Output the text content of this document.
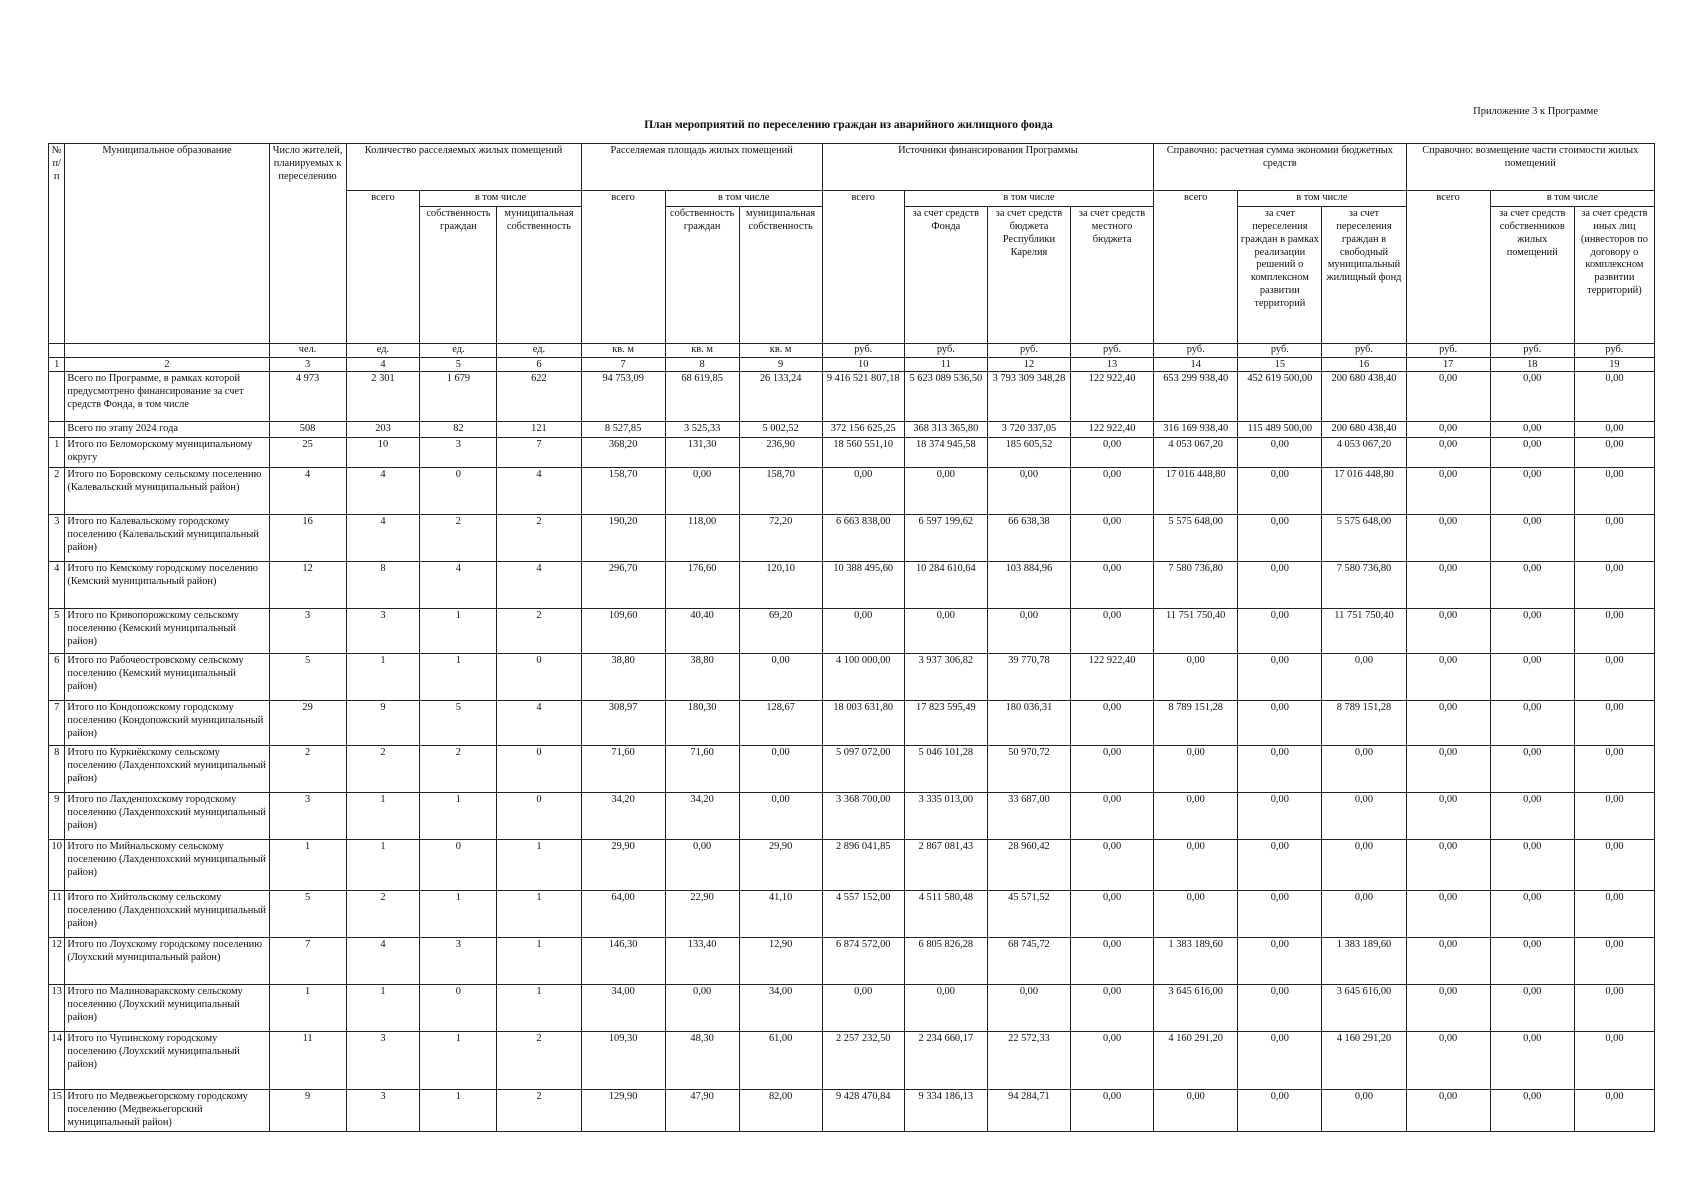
Приложение 3 к Программе
План мероприятий по переселению граждан из аварийного жилищного фонда
№ п/ п	Муниципальное образование	Число жителей, планируемых к переселению	Количество расселяемых жилых помещений			Расселяемая площадь жилых помещений			Источники финансирования Программы				Справочно: расчетная сумма экономии бюджетных средств			Справочно: возмещение части стоимости жилых помещений		
			всего	в том числе		всего	в том числе		всего	в том числе			всего	в том числе		всего	в том числе	
				собственность граждан	муниципальная собственность		собственность граждан	муниципальная собственность		за счет средств Фонда	за счет средств бюджета Республики Карелия	за счет средств местного бюджета		за счет переселения граждан в рамках реализации решений о комплексном развитии территорий	за счет переселения граждан в свободный муниципальный жилищный фонд		за счет средств собственников жилых помещений	за счет средств иных лиц (инвесторов по договору о комплексном развитии территорий)
		чел.	ед.	ед.	ед.	кв. м	кв. м	кв. м	руб.	руб.	руб.	руб.	руб.	руб.	руб.	руб.	руб.	руб.
1	2	3	4	5	6	7	8	9	10	11	12	13	14	15	16	17	18	19
	Всего по Программе, в рамках которой предусмотрено финансирование за счет средств Фонда, в том числе	4 973	2 301	1 679	622	94 753,09	68 619,85	26 133,24	9 416 521 807,18	5 623 089 536,50	3 793 309 348,28	122 922,40	653 299 938,40	452 619 500,00	200 680 438,40	0,00	0,00	0,00
	Всего по этапу 2024 года	508	203	82	121	8 527,85	3 525,33	5 002,52	372 156 625,25	368 313 365,80	3 720 337,05	122 922,40	316 169 938,40	115 489 500,00	200 680 438,40	0,00	0,00	0,00
1	Итого по Беломорскому муниципальному округу	25	10	3	7	368,20	131,30	236,90	18 560 551,10	18 374 945,58	185 605,52	0,00	4 053 067,20	0,00	4 053 067,20	0,00	0,00	0,00
2	Итого по Боровскому сельскому поселению (Калевальский муниципальный район)	4	4	0	4	158,70	0,00	158,70	0,00	0,00	0,00	0,00	17 016 448,80	0,00	17 016 448,80	0,00	0,00	0,00
3	Итого по Калевальскому городскому поселению (Калевальский муниципальный район)	16	4	2	2	190,20	118,00	72,20	6 663 838,00	6 597 199,62	66 638,38	0,00	5 575 648,00	0,00	5 575 648,00	0,00	0,00	0,00
4	Итого по Кемскому городскому поселению (Кемский муниципальный район)	12	8	4	4	296,70	176,60	120,10	10 388 495,60	10 284 610,64	103 884,96	0,00	7 580 736,80	0,00	7 580 736,80	0,00	0,00	0,00
5	Итого по Кривопорожскому сельскому поселению (Кемский муниципальный район)	3	3	1	2	109,60	40,40	69,20	0,00	0,00	0,00	0,00	11 751 750,40	0,00	11 751 750,40	0,00	0,00	0,00
6	Итого по Рабочеостровскому сельскому поселению (Кемский муниципальный район)	5	1	1	0	38,80	38,80	0,00	4 100 000,00	3 937 306,82	39 770,78	122 922,40	0,00	0,00	0,00	0,00	0,00	0,00
7	Итого по Кондопожскому городскому поселению (Кондопожский муниципальный район)	29	9	5	4	308,97	180,30	128,67	18 003 631,80	17 823 595,49	180 036,31	0,00	8 789 151,28	0,00	8 789 151,28	0,00	0,00	0,00
8	Итого по Куркиёкскому сельскому поселению (Лахденпохский муниципальный район)	2	2	2	0	71,60	71,60	0,00	5 097 072,00	5 046 101,28	50 970,72	0,00	0,00	0,00	0,00	0,00	0,00	0,00
9	Итого по Лахденпохскому городскому поселению (Лахденпохский муниципальный район)	3	1	1	0	34,20	34,20	0,00	3 368 700,00	3 335 013,00	33 687,00	0,00	0,00	0,00	0,00	0,00	0,00	0,00
10	Итого по Мийнальскому сельскому поселению (Лахденпохский муниципальный район)	1	1	0	1	29,90	0,00	29,90	2 896 041,85	2 867 081,43	28 960,42	0,00	0,00	0,00	0,00	0,00	0,00	0,00
11	Итого по Хийтольскому сельскому поселению (Лахденпохский муниципальный район)	5	2	1	1	64,00	22,90	41,10	4 557 152,00	4 511 580,48	45 571,52	0,00	0,00	0,00	0,00	0,00	0,00	0,00
12	Итого по Лоухскому городскому поселению (Лоухский муниципальный район)	7	4	3	1	146,30	133,40	12,90	6 874 572,00	6 805 826,28	68 745,72	0,00	1 383 189,60	0,00	1 383 189,60	0,00	0,00	0,00
13	Итого по Малиноваракскому сельскому поселению (Лоухский муниципальный район)	1	1	0	1	34,00	0,00	34,00	0,00	0,00	0,00	0,00	3 645 616,00	0,00	3 645 616,00	0,00	0,00	0,00
14	Итого по Чупинскому городскому поселению (Лоухский муниципальный район)	11	3	1	2	109,30	48,30	61,00	2 257 232,50	2 234 660,17	22 572,33	0,00	4 160 291,20	0,00	4 160 291,20	0,00	0,00	0,00
15	Итого по Медвежьегорскому городскому поселению (Медвежьегорский муниципальный район)	9	3	1	2	129,90	47,90	82,00	9 428 470,84	9 334 186,13	94 284,71	0,00	0,00	0,00	0,00	0,00	0,00	0,00
